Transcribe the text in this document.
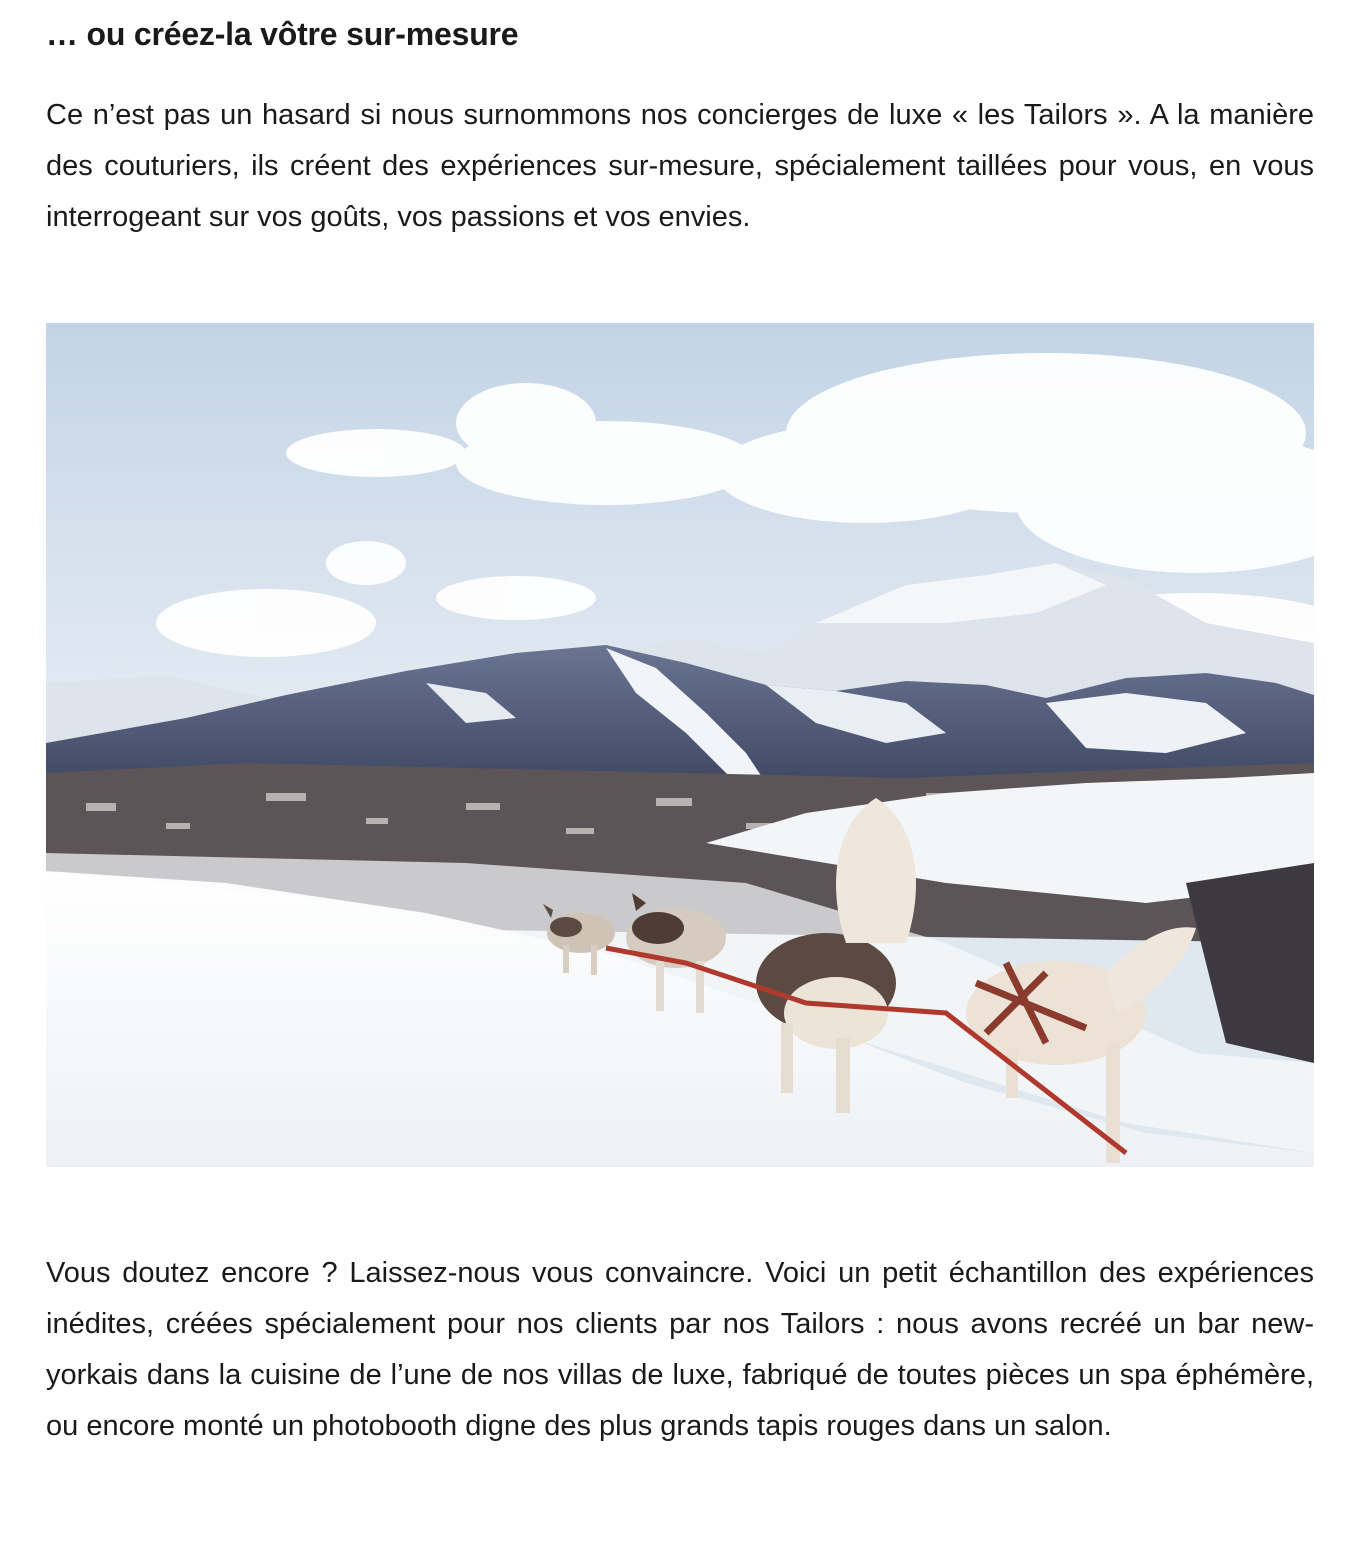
… ou créez-la vôtre sur-mesure

Ce n’est pas un hasard si nous surnommons nos concierges de luxe « les Tailors ». A la manière des couturiers, ils créent des expériences sur-mesure, spécialement taillées pour vous, en vous interrogeant sur vos goûts, vos passions et vos envies.

Vous doutez encore ? Laissez-nous vous convaincre. Voici un petit échantillon des expériences inédites, créées spécialement pour nos clients par nos Tailors : nous avons recréé un bar new-yorkais dans la cuisine de l’une de nos villas de luxe, fabriqué de toutes pièces un spa éphémère, ou encore monté un photobooth digne des plus grands tapis rouges dans un salon.
